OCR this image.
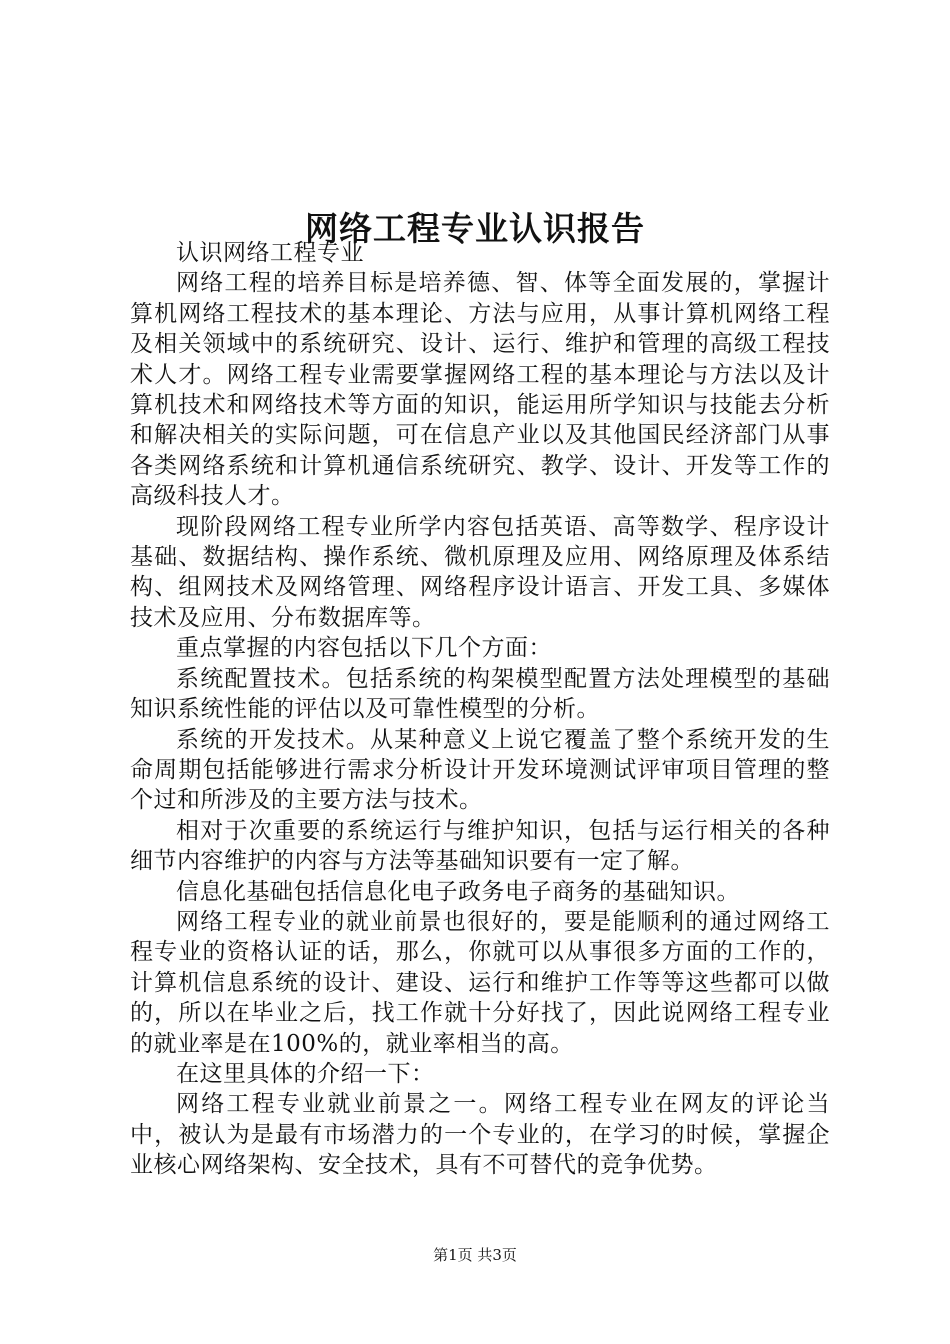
网络工程专业认识报告

认识网络工程专业

网络工程的培养目标是培养德、智、体等全面发展的，掌握计算机网络工程技术的基本理论、方法与应用，从事计算机网络工程及相关领域中的系统研究、设计、运行、维护和管理的高级工程技术人才。网络工程专业需要掌握网络工程的基本理论与方法以及计算机技术和网络技术等方面的知识，能运用所学知识与技能去分析和解决相关的实际问题，可在信息产业以及其他国民经济部门从事各类网络系统和计算机通信系统研究、教学、设计、开发等工作的高级科技人才。

现阶段网络工程专业所学内容包括英语、高等数学、程序设计基础、数据结构、操作系统、微机原理及应用、网络原理及体系结构、组网技术及网络管理、网络程序设计语言、开发工具、多媒体技术及应用、分布数据库等。

重点掌握的内容包括以下几个方面：

系统配置技术。包括系统的构架模型配置方法处理模型的基础知识系统性能的评估以及可靠性模型的分析。

系统的开发技术。从某种意义上说它覆盖了整个系统开发的生命周期包括能够进行需求分析设计开发环境测试评审项目管理的整个过和所涉及的主要方法与技术。

相对于次重要的系统运行与维护知识，包括与运行相关的各种细节内容维护的内容与方法等基础知识要有一定了解。

信息化基础包括信息化电子政务电子商务的基础知识。

网络工程专业的就业前景也很好的，要是能顺利的通过网络工程专业的资格认证的话，那么，你就可以从事很多方面的工作的，计算机信息系统的设计、建设、运行和维护工作等等这些都可以做的，所以在毕业之后，找工作就十分好找了，因此说网络工程专业的就业率是在100%的，就业率相当的高。

在这里具体的介绍一下：

网络工程专业就业前景之一。网络工程专业在网友的评论当中，被认为是最有市场潜力的一个专业的，在学习的时候，掌握企业核心网络架构、安全技术，具有不可替代的竞争优势。

第1页 共3页
